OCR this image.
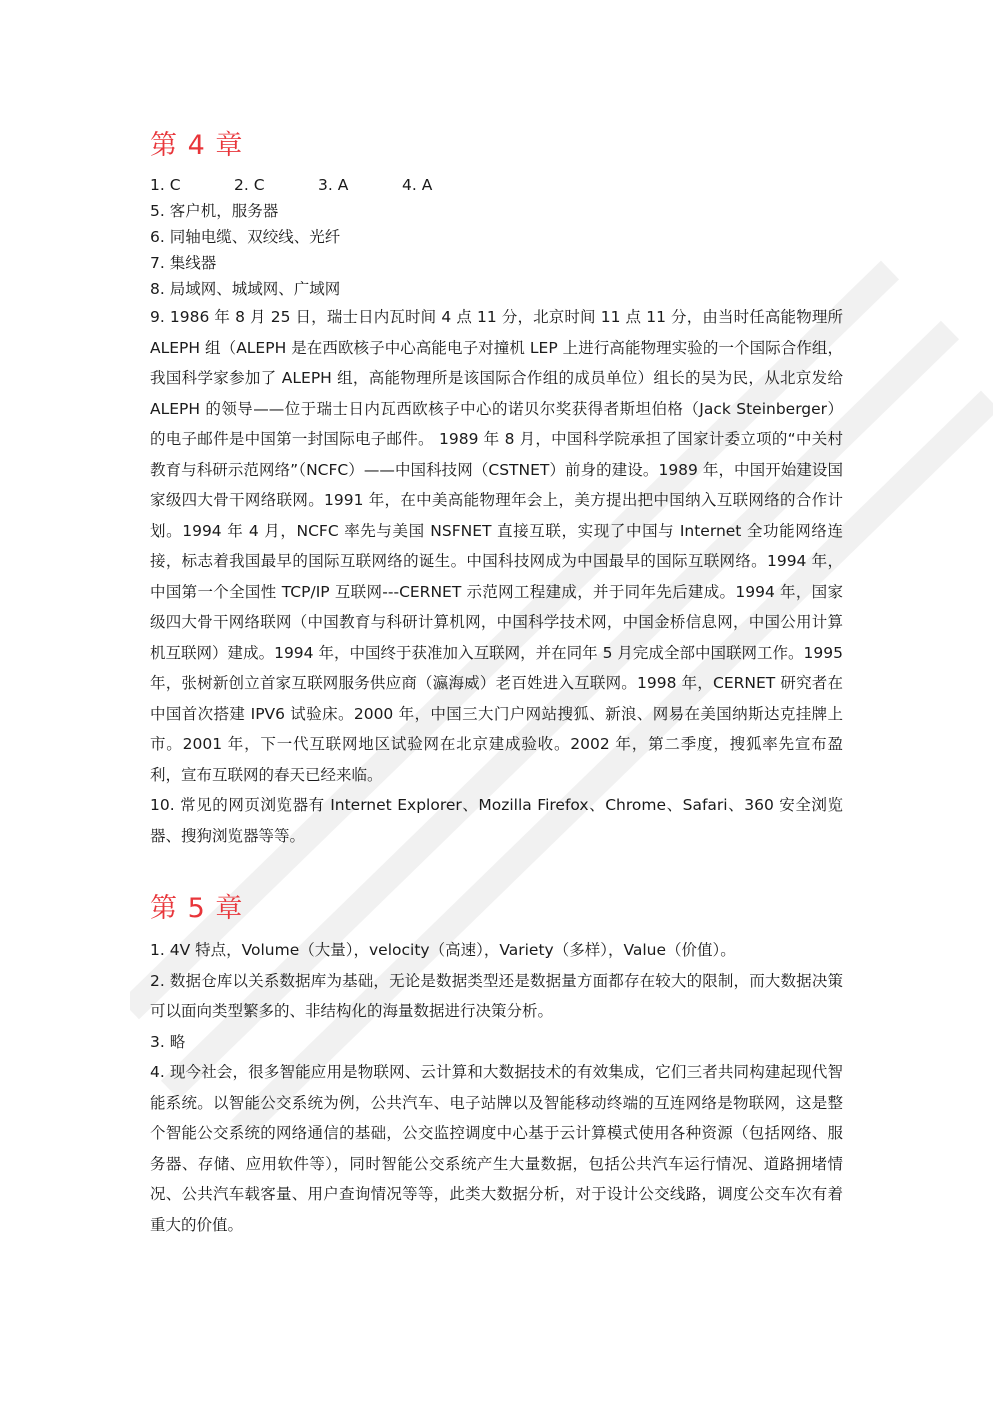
第 4 章
1. C	2. C	3. A	4. A

5. 客户机，服务器

6. 同轴电缆、双绞线、光纤

7. 集线器

8. 局域网、城域网、广域网

9. 1986 年 8 月 25 日，瑞士日内瓦时间 4 点 11 分，北京时间 11 点 11 分，由当时任高能物理所 ALEPH 组（ALEPH 是在西欧核子中心高能电子对撞机 LEP 上进行高能物理实验的一个国际合作组，我国科学家参加了 ALEPH 组，高能物理所是该国际合作组的成员单位）组长的吴为民，从北京发给 ALEPH 的领导——位于瑞士日内瓦西欧核子中心的诺贝尔奖获得者斯坦伯格（Jack Steinberger）的电子邮件是中国第一封国际电子邮件。 1989 年 8 月，中国科学院承担了国家计委立项的“中关村教育与科研示范网络”（NCFC）——中国科技网（CSTNET）前身的建设。1989 年，中国开始建设国家级四大骨干网络联网。1991 年，在中美高能物理年会上，美方提出把中国纳入互联网络的合作计划。1994 年 4 月，NCFC 率先与美国 NSFNET 直接互联，实现了中国与 Internet 全功能网络连接，标志着我国最早的国际互联网络的诞生。中国科技网成为中国最早的国际互联网络。1994 年，中国第一个全国性 TCP/IP 互联网---CERNET 示范网工程建成，并于同年先后建成。1994 年，国家级四大骨干网络联网（中国教育与科研计算机网，中国科学技术网，中国金桥信息网，中国公用计算机互联网）建成。1994 年，中国终于获准加入互联网，并在同年 5 月完成全部中国联网工作。1995 年，张树新创立首家互联网服务供应商（瀛海威）老百姓进入互联网。1998 年，CERNET 研究者在中国首次搭建 IPV6 试验床。2000 年，中国三大门户网站搜狐、新浪、网易在美国纳斯达克挂牌上市。2001 年，下一代互联网地区试验网在北京建成验收。2002 年，第二季度，搜狐率先宣布盈利，宣布互联网的春天已经来临。

10. 常见的网页浏览器有 Internet Explorer、Mozilla Firefox、Chrome、Safari、360 安全浏览器、搜狗浏览器等等。

第 5 章

1. 4V 特点，Volume（大量），velocity（高速），Variety（多样），Value（价值）。

2. 数据仓库以关系数据库为基础，无论是数据类型还是数据量方面都存在较大的限制，而大数据决策可以面向类型繁多的、非结构化的海量数据进行决策分析。

3. 略

4. 现今社会，很多智能应用是物联网、云计算和大数据技术的有效集成，它们三者共同构建起现代智能系统。以智能公交系统为例，公共汽车、电子站牌以及智能移动终端的互连网络是物联网，这是整个智能公交系统的网络通信的基础，公交监控调度中心基于云计算模式使用各种资源（包括网络、服务器、存储、应用软件等），同时智能公交系统产生大量数据，包括公共汽车运行情况、道路拥堵情况、公共汽车载客量、用户查询情况等等，此类大数据分析，对于设计公交线路，调度公交车次有着重大的价值。
